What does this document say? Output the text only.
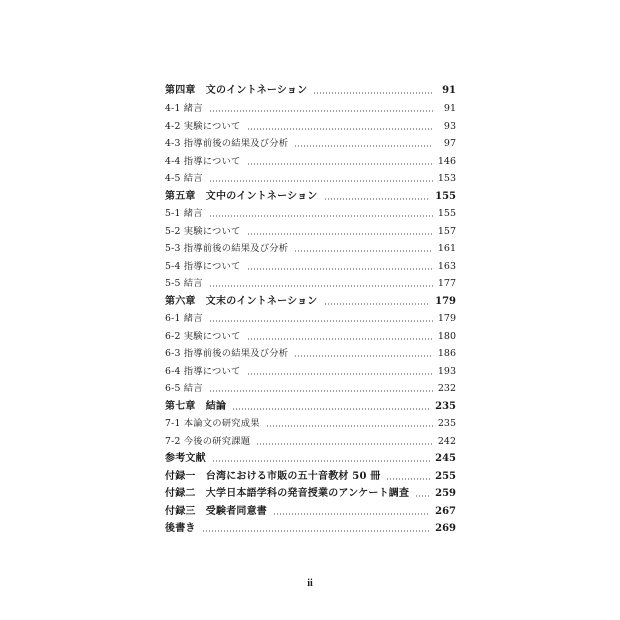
第四章　文のイントネーション	91
4-1 緒言	91
4-2 実験について	93
4-3 指導前後の結果及び分析	97
4-4 指導について	146
4-5 結言	153
第五章　文中のイントネーション	155
5-1 緒言	155
5-2 実験について	157
5-3 指導前後の結果及び分析	161
5-4 指導について	163
5-5 結言	177
第六章　文末のイントネーション	179
6-1 緒言	179
6-2 実験について	180
6-3 指導前後の結果及び分析	186
6-4 指導について	193
6-5 結言	232
第七章　結論	235
7-1 本論文の研究成果	235
7-2 今後の研究課題	242
参考文献	245
付録一　台湾における市販の五十音教材 50 冊	255
付録二　大学日本語学科の発音授業のアンケート調査	259
付録三　受験者同意書	267
後書き	269
ii
